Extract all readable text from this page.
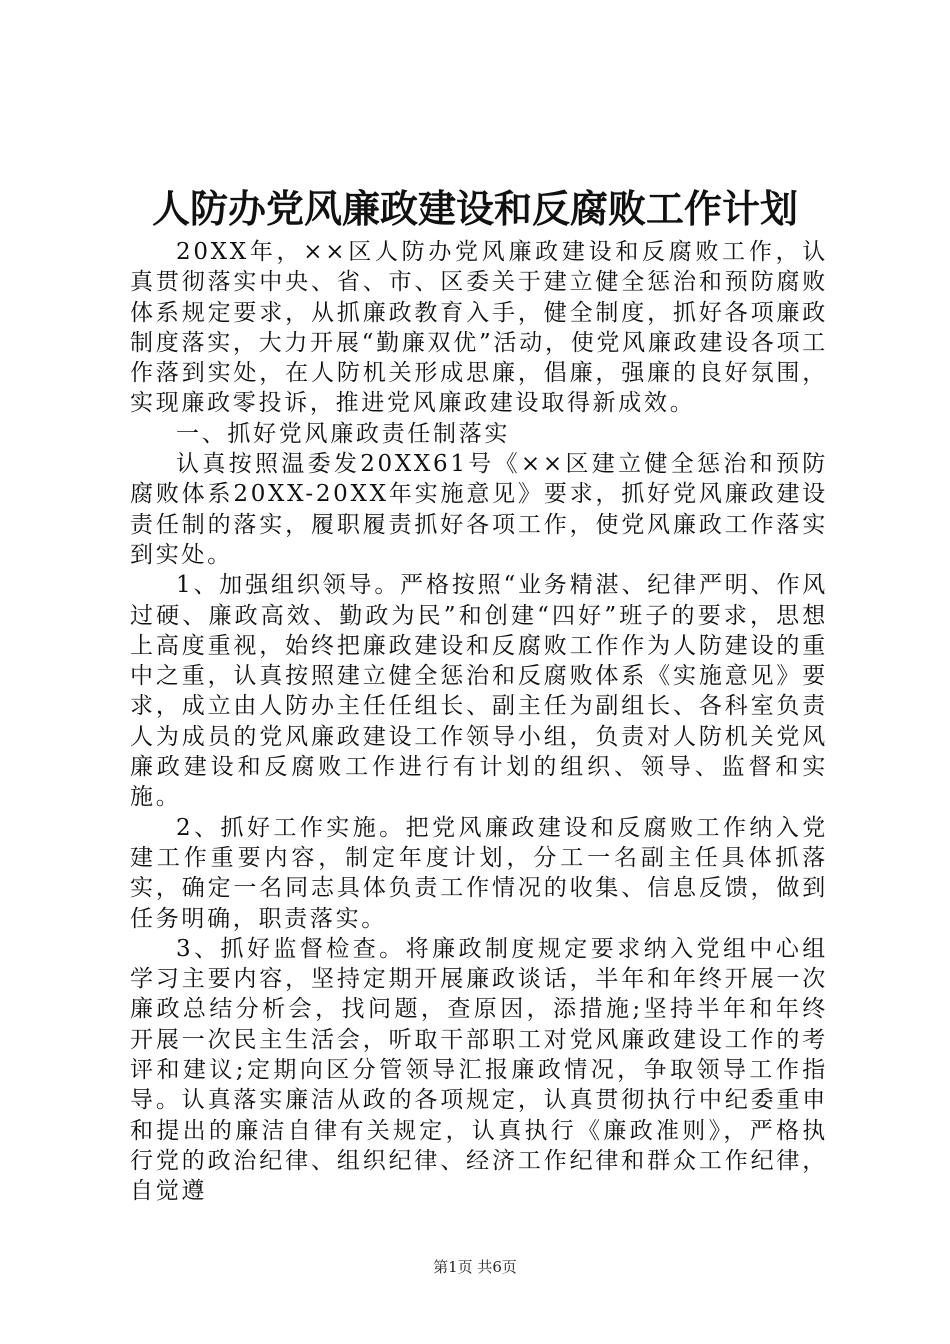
人防办党风廉政建设和反腐败工作计划

20XX年，××区人防办党风廉政建设和反腐败工作，认真贯彻落实中央、省、市、区委关于建立健全惩治和预防腐败体系规定要求，从抓廉政教育入手，健全制度，抓好各项廉政制度落实，大力开展“勤廉双优”活动，使党风廉政建设各项工作落到实处，在人防机关形成思廉，倡廉，强廉的良好氛围，实现廉政零投诉，推进党风廉政建设取得新成效。

一、抓好党风廉政责任制落实

认真按照温委发20XX61号《××区建立健全惩治和预防腐败体系20XX-20XX年实施意见》要求，抓好党风廉政建设责任制的落实，履职履责抓好各项工作，使党风廉政工作落实到实处。

1、加强组织领导。严格按照“业务精湛、纪律严明、作风过硬、廉政高效、勤政为民”和创建“四好”班子的要求，思想上高度重视，始终把廉政建设和反腐败工作作为人防建设的重中之重，认真按照建立健全惩治和反腐败体系《实施意见》要求，成立由人防办主任任组长、副主任为副组长、各科室负责人为成员的党风廉政建设工作领导小组，负责对人防机关党风廉政建设和反腐败工作进行有计划的组织、领导、监督和实施。

2、抓好工作实施。把党风廉政建设和反腐败工作纳入党建工作重要内容，制定年度计划，分工一名副主任具体抓落实，确定一名同志具体负责工作情况的收集、信息反馈，做到任务明确，职责落实。

3、抓好监督检查。将廉政制度规定要求纳入党组中心组学习主要内容，坚持定期开展廉政谈话，半年和年终开展一次廉政总结分析会，找问题，查原因，添措施;坚持半年和年终开展一次民主生活会，听取干部职工对党风廉政建设工作的考评和建议;定期向区分管领导汇报廉政情况，争取领导工作指导。认真落实廉洁从政的各项规定，认真贯彻执行中纪委重申和提出的廉洁自律有关规定，认真执行《廉政准则》，严格执行党的政治纪律、组织纪律、经济工作纪律和群众工作纪律，自觉遵

第1页 共6页
